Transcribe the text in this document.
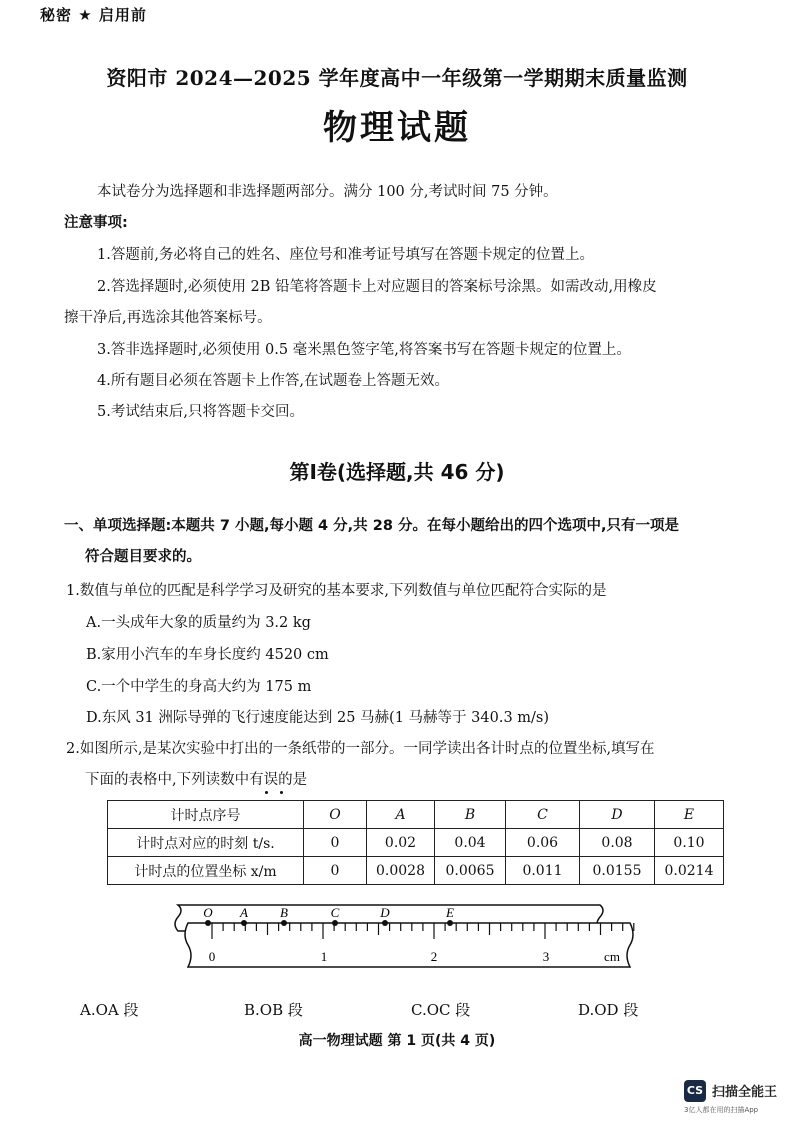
秘密 ★ 启用前
资阳市 2024—2025 学年度高中一年级第一学期期末质量监测
物理试题
本试卷分为选择题和非选择题两部分。满分 100 分,考试时间 75 分钟。
注意事项:
1.答题前,务必将自己的姓名、座位号和准考证号填写在答题卡规定的位置上。
2.答选择题时,必须使用 2B 铅笔将答题卡上对应题目的答案标号涂黑。如需改动,用橡皮
擦干净后,再选涂其他答案标号。
3.答非选择题时,必须使用 0.5 毫米黑色签字笔,将答案书写在答题卡规定的位置上。
4.所有题目必须在答题卡上作答,在试题卷上答题无效。
5.考试结束后,只将答题卡交回。
第Ⅰ卷(选择题,共 46 分)
一、单项选择题:本题共 7 小题,每小题 4 分,共 28 分。在每小题给出的四个选项中,只有一项是
符合题目要求的。
1.数值与单位的匹配是科学学习及研究的基本要求,下列数值与单位匹配符合实际的是
A.一头成年大象的质量约为 3.2 kg
B.家用小汽车的车身长度约 4520 cm
C.一个中学生的身高大约为 175 m
D.东风 31 洲际导弹的飞行速度能达到 25 马赫(1 马赫等于 340.3 m/s)
2.如图所示,是某次实验中打出的一条纸带的一部分。一同学读出各计时点的位置坐标,填写在
下面的表格中,下列读数中有误的是
计时点序号	O	A	B	C	D	E
计时点对应的时刻 t/s.	0	0.02	0.04	0.06	0.08	0.10
计时点的位置坐标 x/m	0	0.0028	0.0065	0.011	0.0155	0.0214
O A B	C	D	E
0	1	2	3	cm
A.OA 段	B.OB 段	C.OC 段	D.OD 段
高一物理试题 第 1 页(共 4 页)
CS 扫描全能王
3亿人都在用的扫描App
